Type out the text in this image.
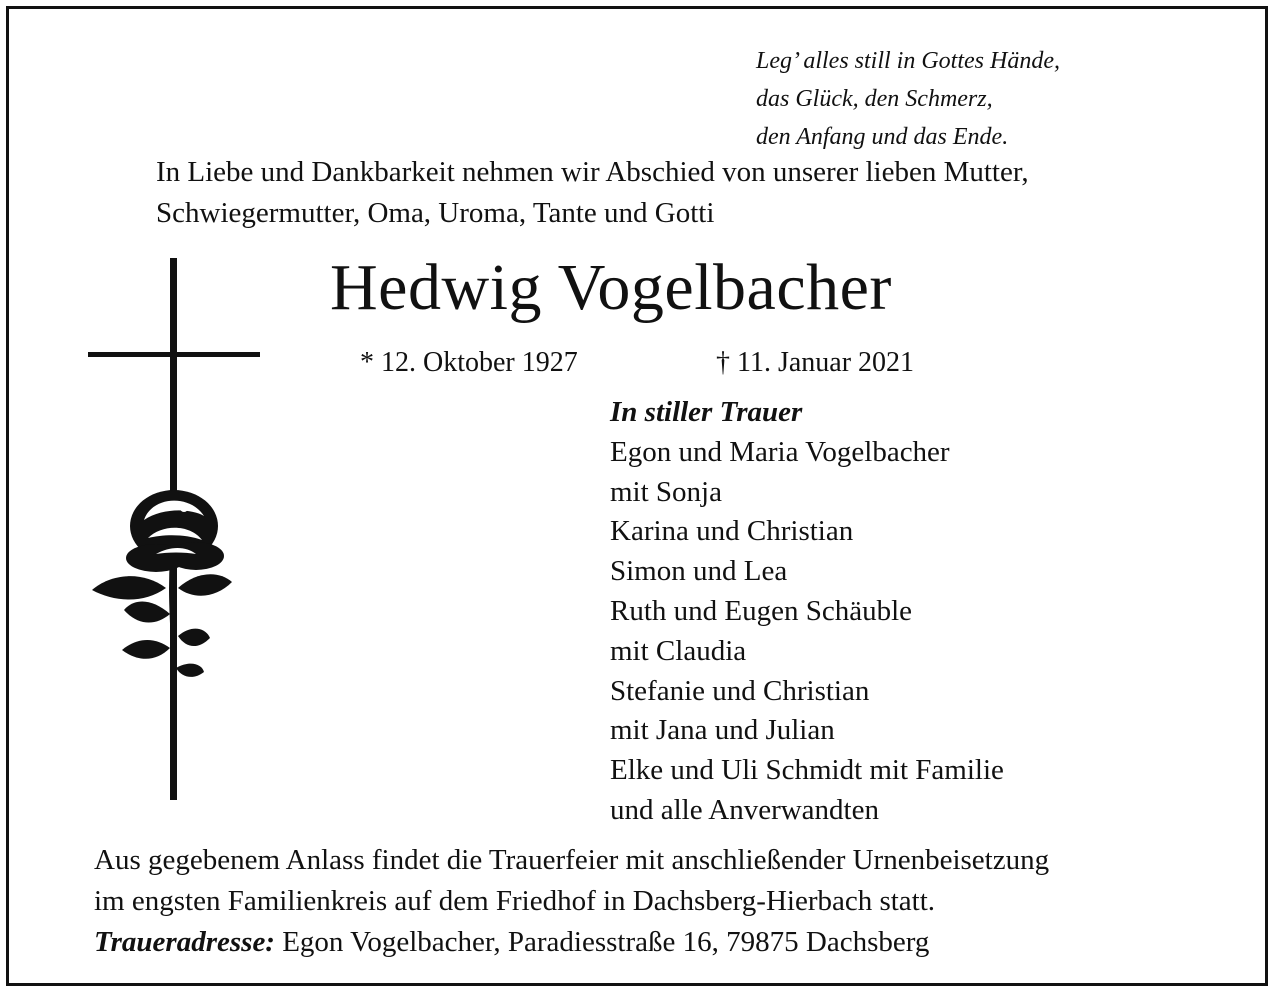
Leg’ alles still in Gottes Hände,
das Glück, den Schmerz,
den Anfang und das Ende.
In Liebe und Dankbarkeit nehmen wir Abschied von unserer lieben Mutter,
Schwiegermutter, Oma, Uroma, Tante und Gotti
Hedwig Vogelbacher
* 12. Oktober 1927	† 11. Januar 2021
In stiller Trauer
Egon und Maria Vogelbacher
mit Sonja
Karina und Christian
Simon und Lea
Ruth und Eugen Schäuble
mit Claudia
Stefanie und Christian
mit Jana und Julian
Elke und Uli Schmidt mit Familie
und alle Anverwandten
Aus gegebenem Anlass findet die Trauerfeier mit anschließender Urnenbeisetzung
im engsten Familienkreis auf dem Friedhof in Dachsberg-Hierbach statt.
Traueradresse: Egon Vogelbacher, Paradiesstraße 16, 79875 Dachsberg
